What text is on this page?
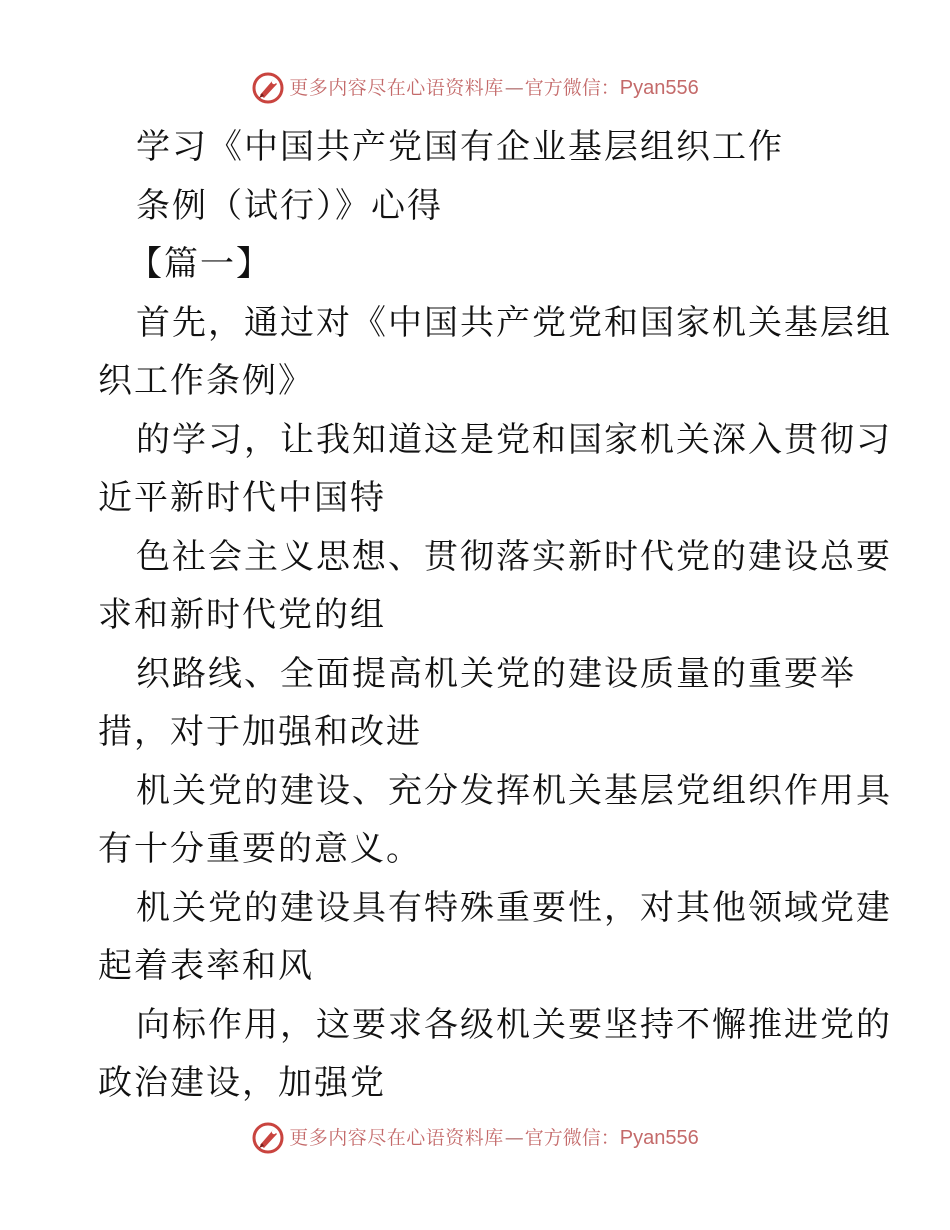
更多内容尽在心语资料库 — 官方微信： Pyan556
学习《中国共产党国有企业基层组织工作
条例（试行）》心得
【篇一】
首先，通过对《中国共产党党和国家机关基层组
织工作条例》
的学习，让我知道这是党和国家机关深入贯彻习
近平新时代中国特
色社会主义思想、贯彻落实新时代党的建设总要
求和新时代党的组
织路线、全面提高机关党的建设质量的重要举
措，对于加强和改进
机关党的建设、充分发挥机关基层党组织作用具
有十分重要的意义。
机关党的建设具有特殊重要性，对其他领域党建
起着表率和风
向标作用，这要求各级机关要坚持不懈推进党的
政治建设，加强党
更多内容尽在心语资料库 — 官方微信： Pyan556
